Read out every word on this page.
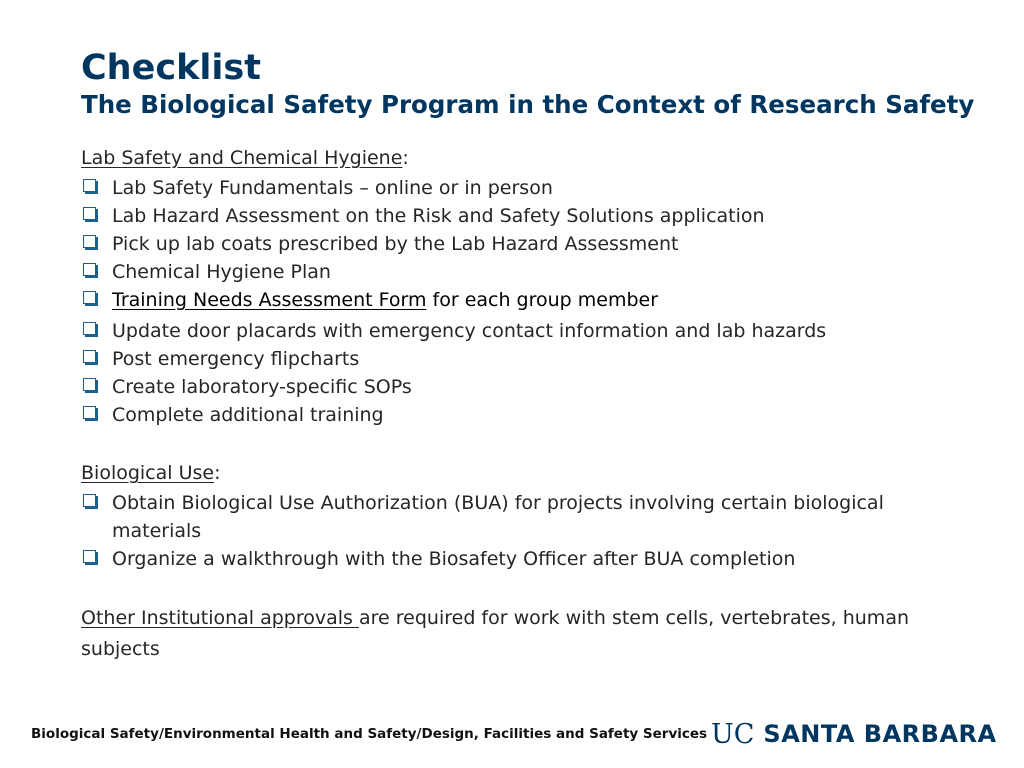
Checklist
The Biological Safety Program in the Context of Research Safety
Lab Safety and Chemical Hygiene:
Lab Safety Fundamentals – online or in person
Lab Hazard Assessment on the Risk and Safety Solutions application
Pick up lab coats prescribed by the Lab Hazard Assessment
Chemical Hygiene Plan
Training Needs Assessment Form for each group member
Update door placards with emergency contact information and lab hazards
Post emergency flipcharts
Create laboratory-specific SOPs
Complete additional training
Biological Use:
Obtain Biological Use Authorization (BUA) for projects involving certain biological materials
Organize a walkthrough with the Biosafety Officer after BUA completion
Other Institutional approvals are required for work with stem cells, vertebrates, human subjects
Biological Safety/Environmental Health and Safety/Design, Facilities and Safety Services UC SANTA BARBARA
